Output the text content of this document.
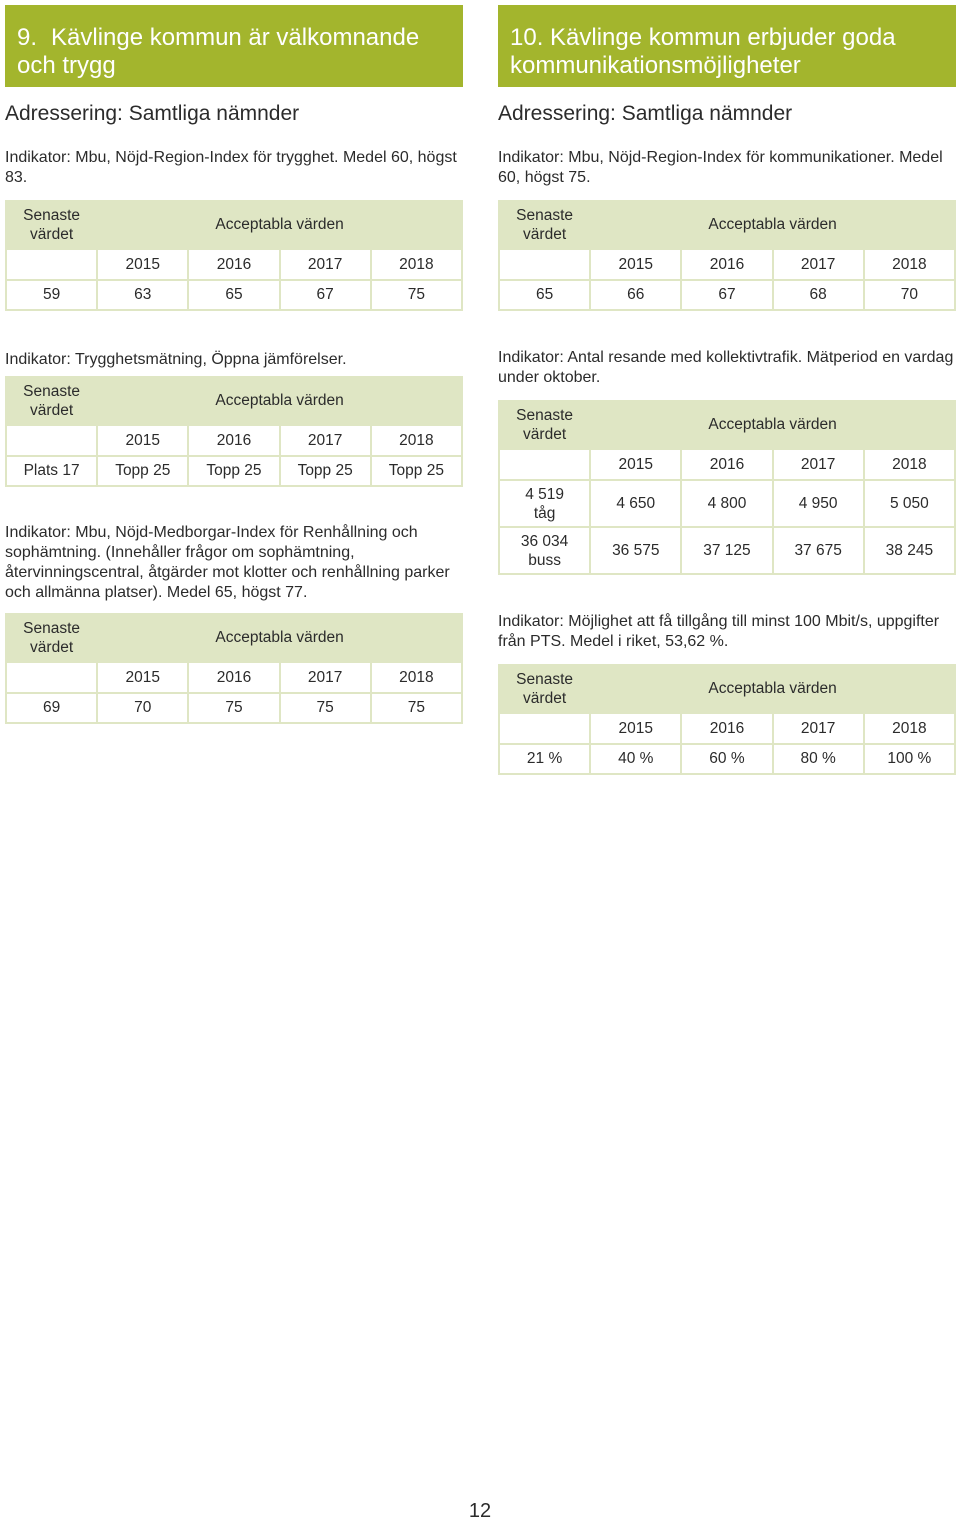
9. Kävlinge kommun är välkomnande och trygg
Adressering: Samtliga nämnder

Indikator: Mbu, Nöjd-Region-Index för trygghet. Medel 60, högst 83.

Senaste värdet	Acceptabla värden			
	2015	2016	2017	2018
59	63	65	67	75

Indikator: Trygghetsmätning, Öppna jämförelser.

Senaste värdet	Acceptabla värden			
	2015	2016	2017	2018
Plats 17	Topp 25	Topp 25	Topp 25	Topp 25

Indikator: Mbu, Nöjd-Medborgar-Index för Renhållning och sophämtning. (Innehåller frågor om sophämtning, återvinningscentral, åtgärder mot klotter och renhållning parker och allmänna platser). Medel 65, högst 77.

Senaste värdet	Acceptabla värden			
	2015	2016	2017	2018
69	70	75	75	75
10. Kävlinge kommun erbjuder goda kommunikationsmöjligheter
Adressering: Samtliga nämnder

Indikator: Mbu, Nöjd-Region-Index för kommunikationer. Medel 60, högst 75.

Senaste värdet	Acceptabla värden			
	2015	2016	2017	2018
65	66	67	68	70

Indikator: Antal resande med kollektivtrafik. Mätperiod en vardag under oktober.

Senaste värdet	Acceptabla värden			
	2015	2016	2017	2018
4 519 tåg	4 650	4 800	4 950	5 050
36 034 buss	36 575	37 125	37 675	38 245

Indikator: Möjlighet att få tillgång till minst 100 Mbit/s, uppgifter från PTS. Medel i riket, 53,62 %.

Senaste värdet	Acceptabla värden			
	2015	2016	2017	2018
21 %	40 %	60 %	80 %	100 %
12
